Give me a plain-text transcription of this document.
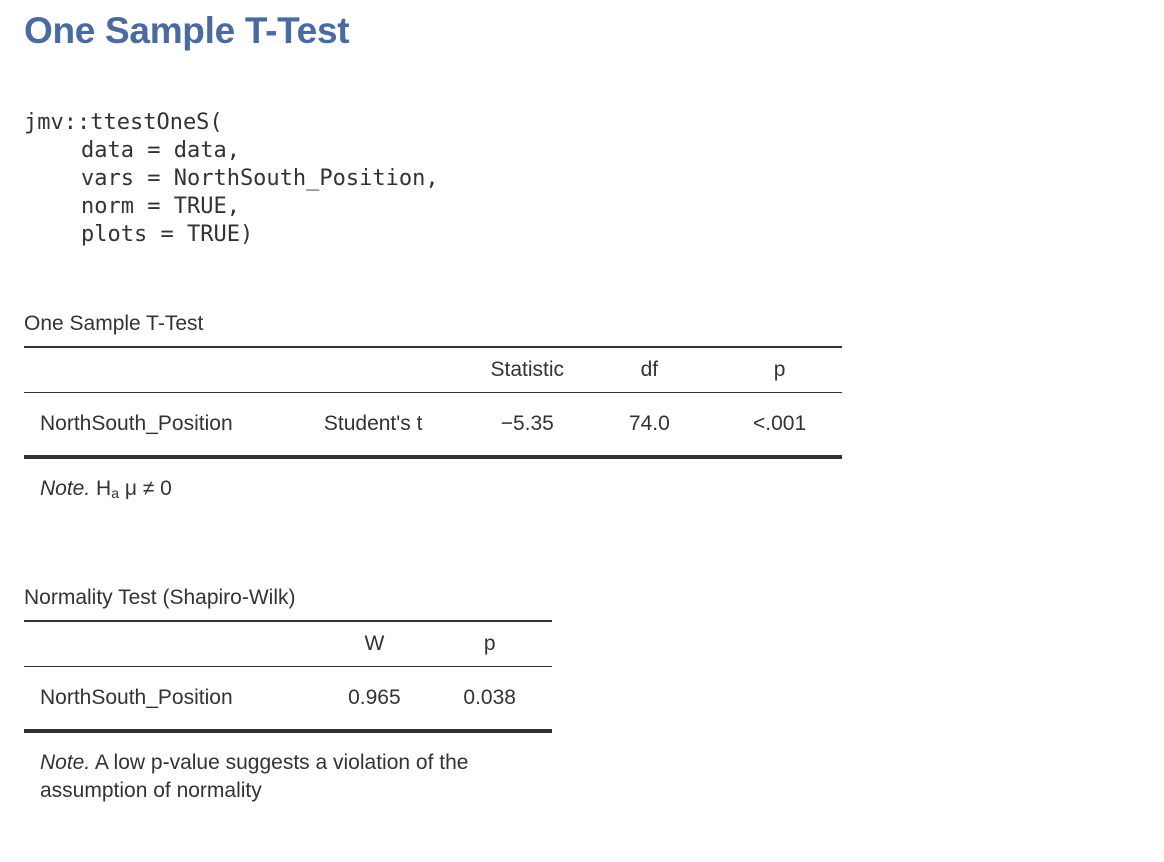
One Sample T-Test
jmv::ttestOneS(
data = data,
vars = NorthSouth_Position,
norm = TRUE,
plots = TRUE)

One Sample T-Test

		Statistic	df	p
NorthSouth_Position	Student's t	−5.35	74.0	<.001

Note. $H_a$ μ ≠ 0

Normality Test (Shapiro-Wilk)

	W	p
NorthSouth_Position	0.965	0.038

Note. A low p-value suggests a violation of the assumption of normality
